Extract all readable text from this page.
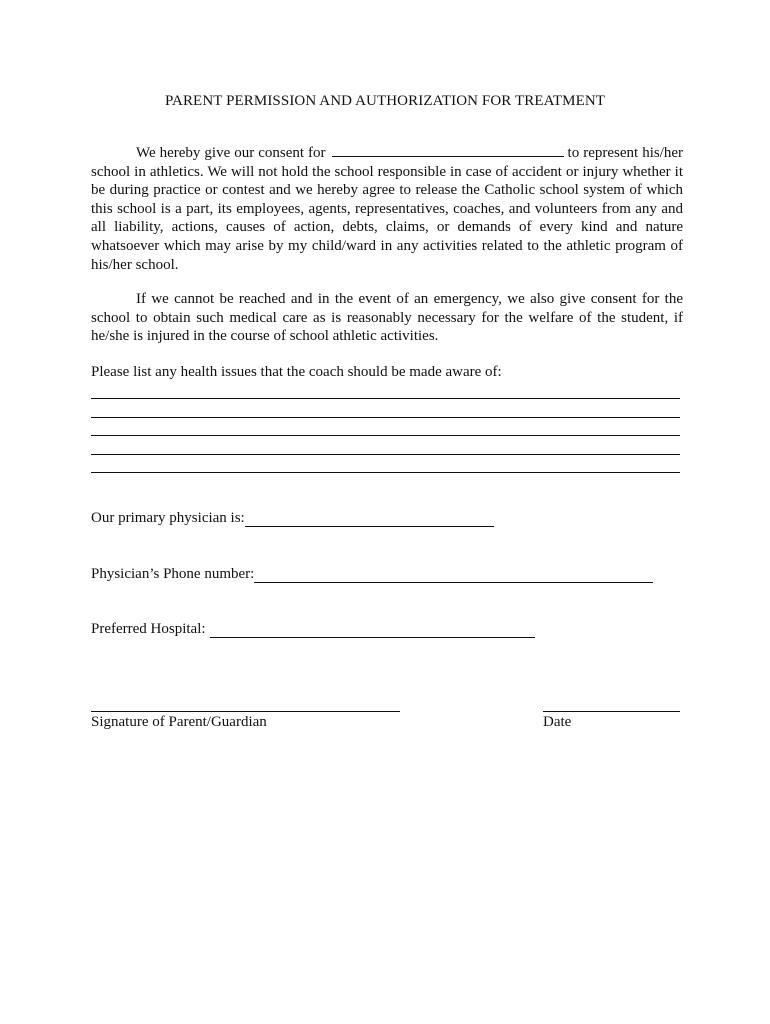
PARENT PERMISSION AND AUTHORIZATION FOR TREATMENT
We hereby give our consent for	to represent his/her school in athletics. We will not hold the school responsible in case of accident or injury whether it be during practice or contest and we hereby agree to release the Catholic school system of which this school is a part, its employees, agents, representatives, coaches, and volunteers from any and all liability, actions, causes of action, debts, claims, or demands of every kind and nature whatsoever which may arise by my child/ward in any activities related to the athletic program of his/her school.
If we cannot be reached and in the event of an emergency, we also give consent for the school to obtain such medical care as is reasonably necessary for the welfare of the student, if he/she is injured in the course of school athletic activities.
Please list any health issues that the coach should be made aware of:
Our primary physician is:
Physician’s Phone number:
Preferred Hospital:
Signature of Parent/Guardian	Date
